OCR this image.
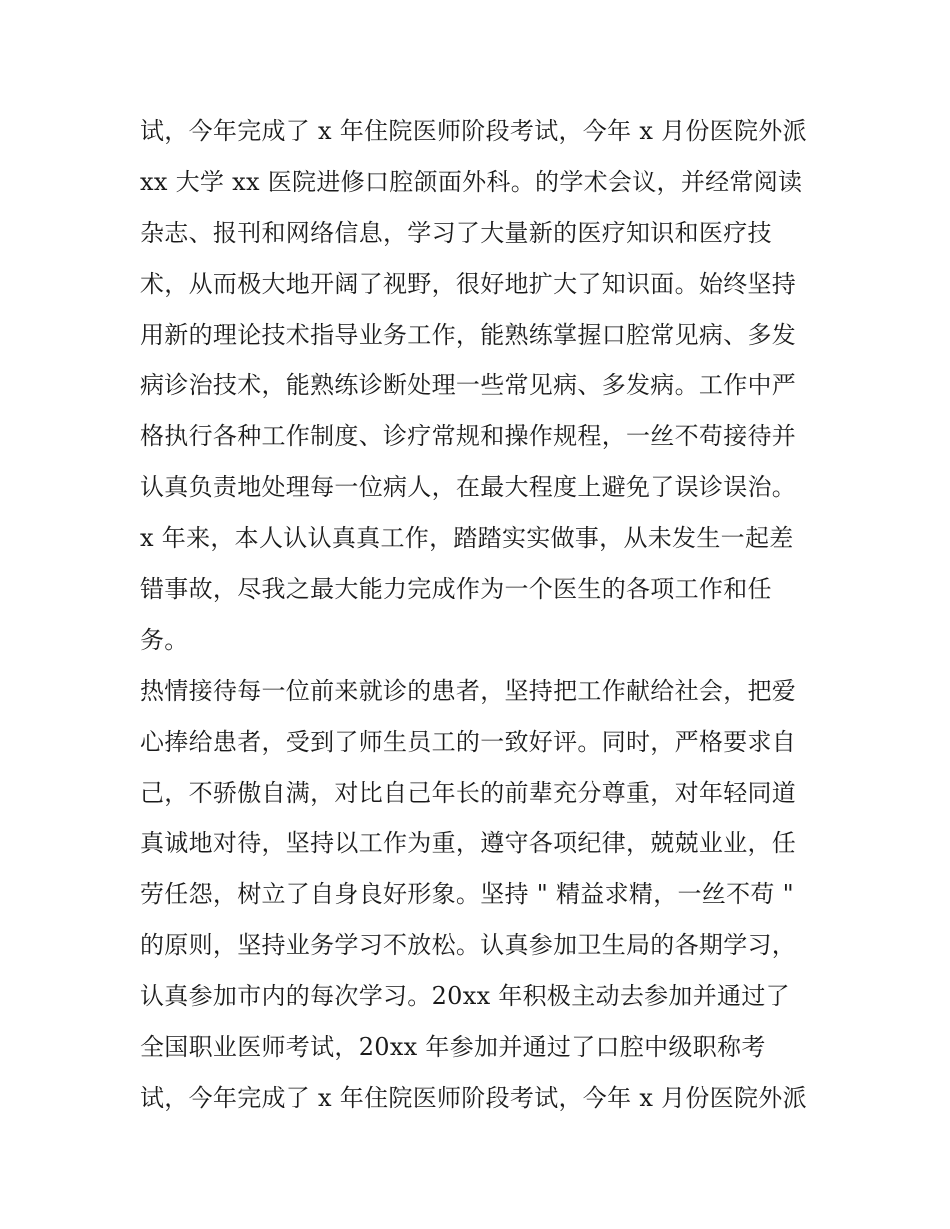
试，今年完成了 x 年住院医师阶段考试，今年 x 月份医院外派
xx 大学 xx 医院进修口腔颌面外科。的学术会议，并经常阅读
杂志、报刊和网络信息，学习了大量新的医疗知识和医疗技
术，从而极大地开阔了视野，很好地扩大了知识面。始终坚持
用新的理论技术指导业务工作，能熟练掌握口腔常见病、多发
病诊治技术，能熟练诊断处理一些常见病、多发病。工作中严
格执行各种工作制度、诊疗常规和操作规程，一丝不苟接待并
认真负责地处理每一位病人，在最大程度上避免了误诊误治。
x 年来，本人认认真真工作，踏踏实实做事，从未发生一起差
错事故，尽我之最大能力完成作为一个医生的各项工作和任
务。
热情接待每一位前来就诊的患者，坚持把工作献给社会，把爱
心捧给患者，受到了师生员工的一致好评。同时，严格要求自
己，不骄傲自满，对比自己年长的前辈充分尊重，对年轻同道
真诚地对待，坚持以工作为重，遵守各项纪律，兢兢业业，任
劳任怨，树立了自身良好形象。坚持 " 精益求精，一丝不苟 "
的原则，坚持业务学习不放松。认真参加卫生局的各期学习，
认真参加市内的每次学习。20xx 年积极主动去参加并通过了
全国职业医师考试，20xx 年参加并通过了口腔中级职称考
试，今年完成了 x 年住院医师阶段考试，今年 x 月份医院外派
